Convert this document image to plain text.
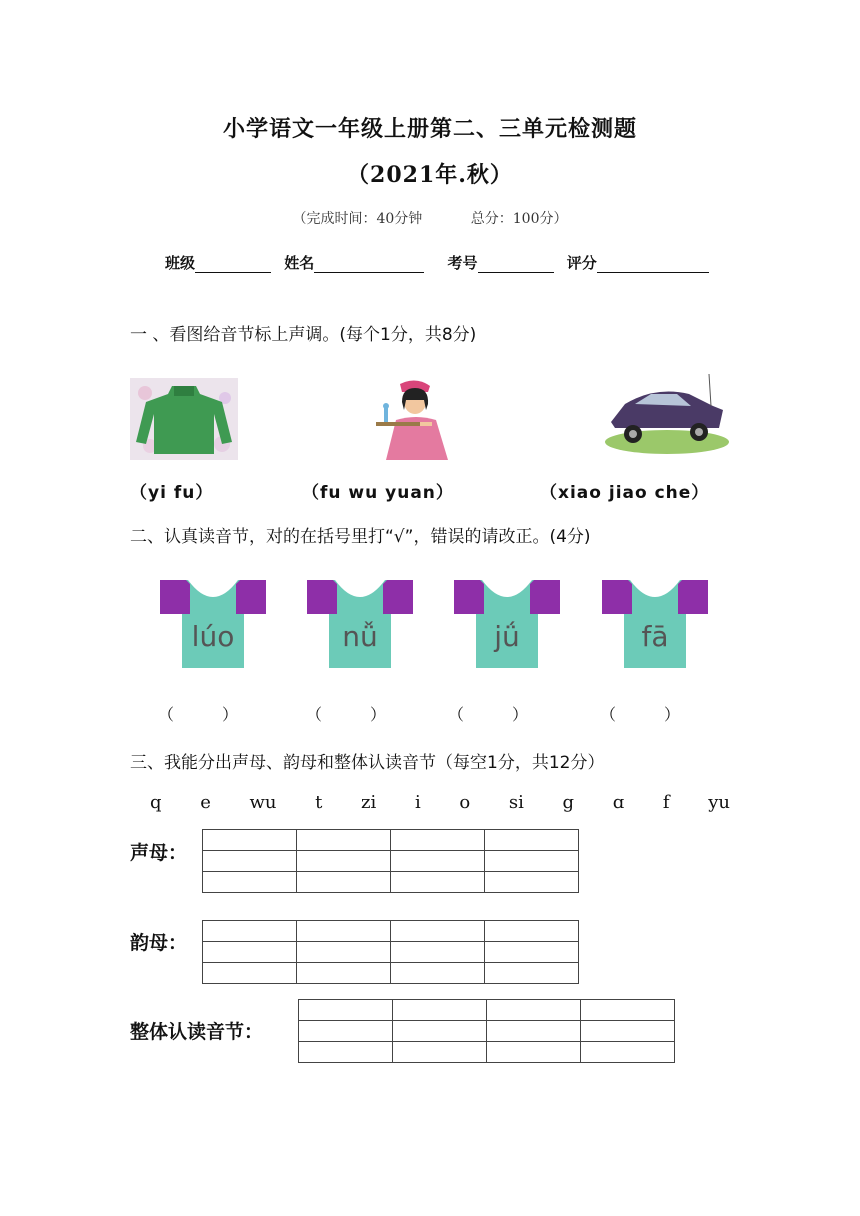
小学语文一年级上册第二、三单元检测题
（2021年.秋）
（完成时间：40分钟	总分：100分）
班级	姓名	考号	评分
一 、看图给音节标上声调。(每个1分，共8分)
（yi fu）	（fu wu yuan）	（xiao jiao che）
二、认真读音节，对的在括号里打“√”，错误的请改正。(4分)
lúo	nǚ	jǘ	fā
（　　　）	（　　　）	（　　　）	（　　　）
三、我能分出声母、韵母和整体认读音节（每空1分，共12分）
q e wu t zi i o si g ɑ f yu
声母：

韵母：

整体认读音节：
